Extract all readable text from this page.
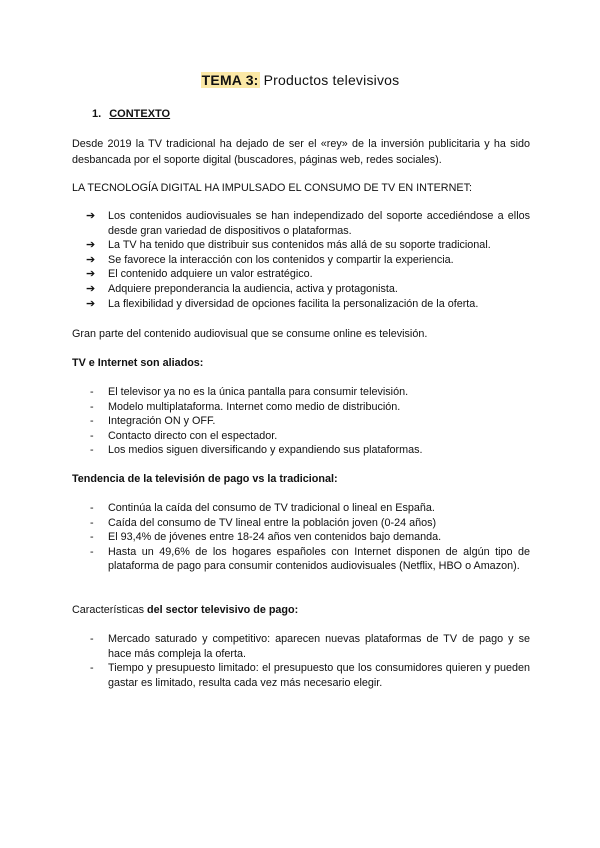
TEMA 3: Productos televisivos
1. CONTEXTO
Desde 2019 la TV tradicional ha dejado de ser el «rey» de la inversión publicitaria y ha sido desbancada por el soporte digital (buscadores, páginas web, redes sociales).
LA TECNOLOGÍA DIGITAL HA IMPULSADO EL CONSUMO DE TV EN INTERNET:
➔ Los contenidos audiovisuales se han independizado del soporte accediéndose a ellos desde gran variedad de dispositivos o plataformas.
➔ La TV ha tenido que distribuir sus contenidos más allá de su soporte tradicional.
➔ Se favorece la interacción con los contenidos y compartir la experiencia.
➔ El contenido adquiere un valor estratégico.
➔ Adquiere preponderancia la audiencia, activa y protagonista.
➔ La flexibilidad y diversidad de opciones facilita la personalización de la oferta.
Gran parte del contenido audiovisual que se consume online es televisión.
TV e Internet son aliados:
- El televisor ya no es la única pantalla para consumir televisión.
- Modelo multiplataforma. Internet como medio de distribución.
- Integración ON y OFF.
- Contacto directo con el espectador.
- Los medios siguen diversificando y expandiendo sus plataformas.
Tendencia de la televisión de pago vs la tradicional:
- Continúa la caída del consumo de TV tradicional o lineal en España.
- Caída del consumo de TV lineal entre la población joven (0-24 años)
- El 93,4% de jóvenes entre 18-24 años ven contenidos bajo demanda.
- Hasta un 49,6% de los hogares españoles con Internet disponen de algún tipo de plataforma de pago para consumir contenidos audiovisuales (Netflix, HBO o Amazon).
Características del sector televisivo de pago:
- Mercado saturado y competitivo: aparecen nuevas plataformas de TV de pago y se hace más compleja la oferta.
- Tiempo y presupuesto limitado: el presupuesto que los consumidores quieren y pueden gastar es limitado, resulta cada vez más necesario elegir.
